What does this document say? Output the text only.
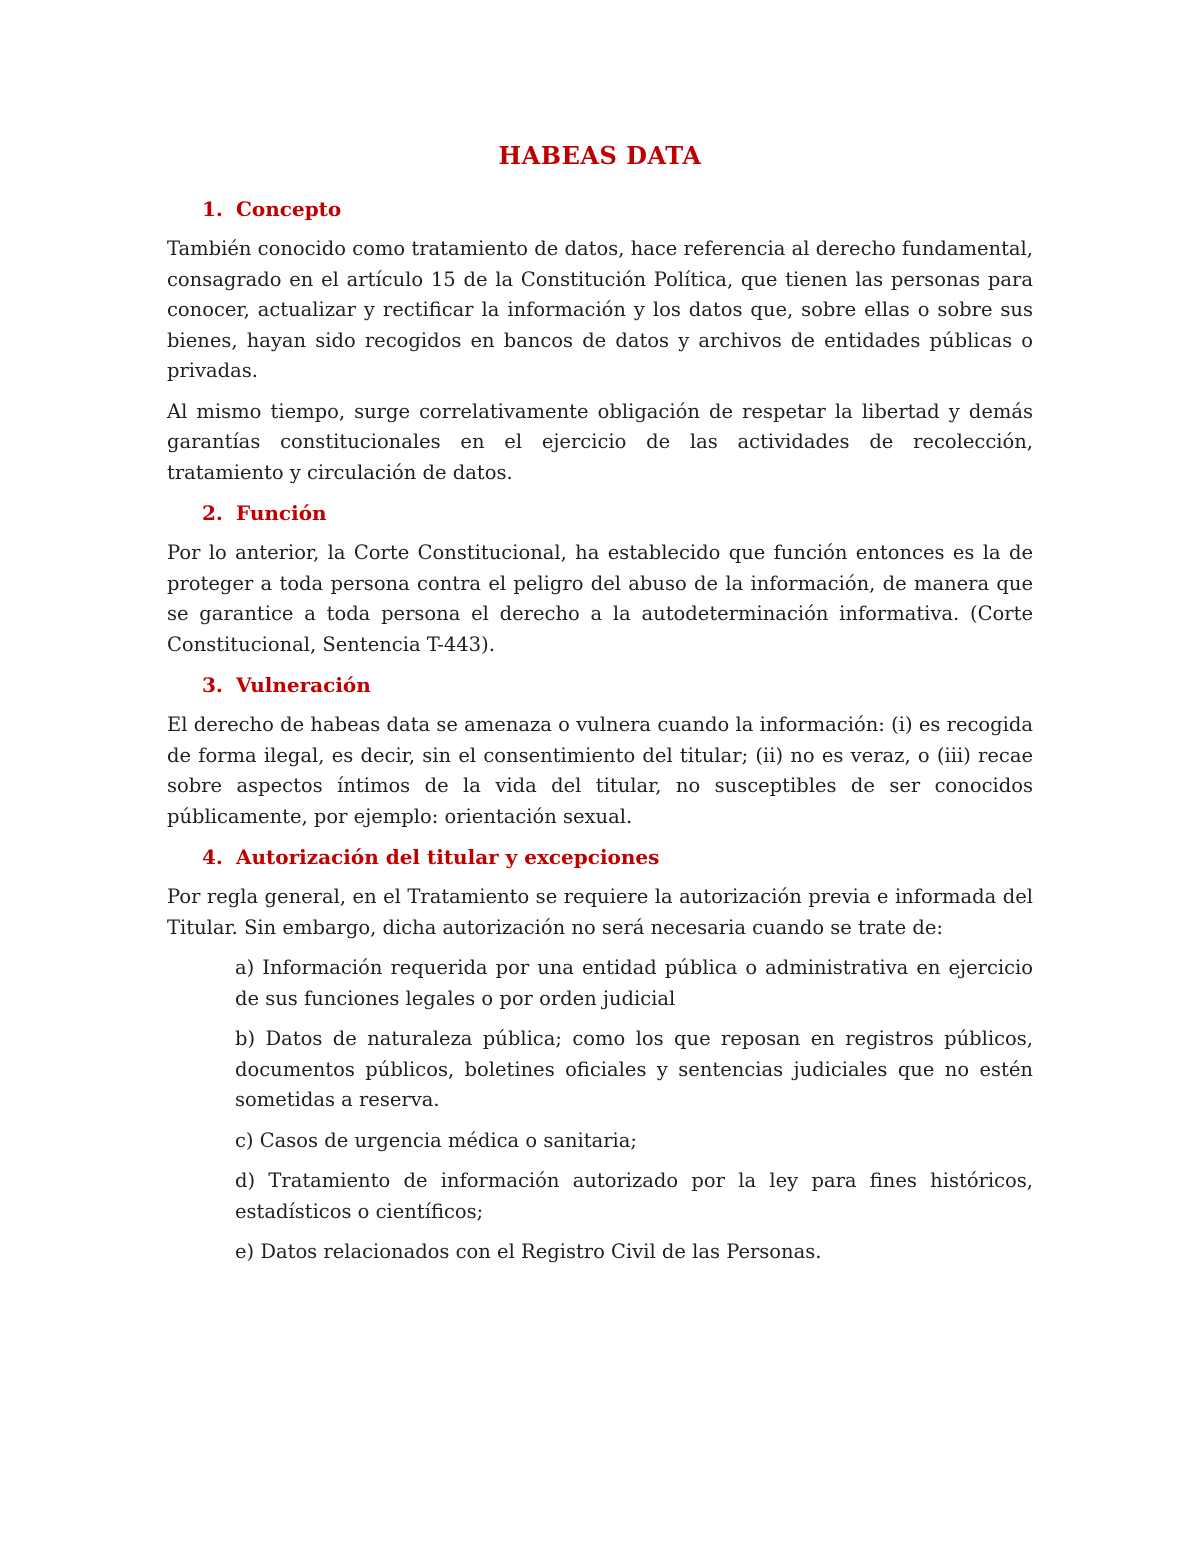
HABEAS DATA
1. Concepto

También conocido como tratamiento de datos, hace referencia al derecho fundamental, consagrado en el artículo 15 de la Constitución Política, que tienen las personas para conocer, actualizar y rectificar la información y los datos que, sobre ellas o sobre sus bienes, hayan sido recogidos en bancos de datos y archivos de entidades públicas o privadas.

Al mismo tiempo, surge correlativamente obligación de respetar la libertad y demás garantías constitucionales en el ejercicio de las actividades de recolección, tratamiento y circulación de datos.

2. Función

Por lo anterior, la Corte Constitucional, ha establecido que función entonces es la de proteger a toda persona contra el peligro del abuso de la información, de manera que se garantice a toda persona el derecho a la autodeterminación informativa. (Corte Constitucional, Sentencia T-443).

3. Vulneración

El derecho de habeas data se amenaza o vulnera cuando la información: (i) es recogida de forma ilegal, es decir, sin el consentimiento del titular; (ii) no es veraz, o (iii) recae sobre aspectos íntimos de la vida del titular, no susceptibles de ser conocidos públicamente, por ejemplo: orientación sexual.

4. Autorización del titular y excepciones

Por regla general, en el Tratamiento se requiere la autorización previa e informada del Titular. Sin embargo, dicha autorización no será necesaria cuando se trate de:

a) Información requerida por una entidad pública o administrativa en ejercicio de sus funciones legales o por orden judicial

b) Datos de naturaleza pública; como los que reposan en registros públicos, documentos públicos, boletines oficiales y sentencias judiciales que no estén sometidas a reserva.

c) Casos de urgencia médica o sanitaria;

d) Tratamiento de información autorizado por la ley para fines históricos, estadísticos o científicos;

e) Datos relacionados con el Registro Civil de las Personas.
